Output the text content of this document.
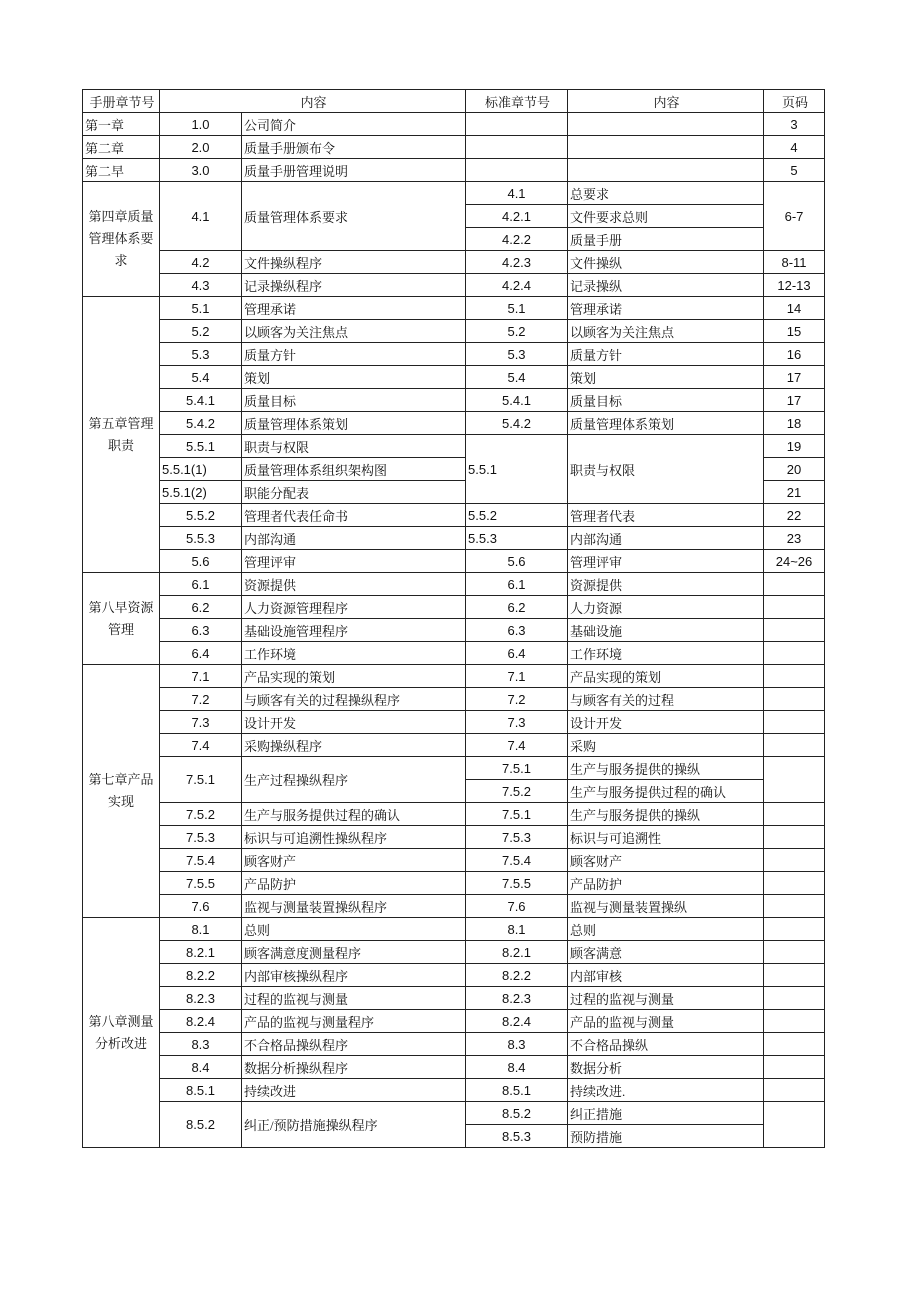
手册章节号	内容		标准章节号	内容	页码
第一章	1.0	公司简介			3
第二章	2.0	质量手册颁布令			4
第二早	3.0	质量手册管理说明			5
第四章质量管理体系要求	4.1	质量管理体系要求	4.1	总要求	6-7
			4.2.1	文件要求总则	
			4.2.2	质量手册	
	4.2	文件操纵程序	4.2.3	文件操纵	8-11
	4.3	记录操纵程序	4.2.4	记录操纵	12-13
第五章管理职责	5.1	管理承诺	5.1	管理承诺	14
	5.2	以顾客为关注焦点	5.2	以顾客为关注焦点	15
	5.3	质量方针	5.3	质量方针	16
	5.4	策划	5.4	策划	17
	5.4.1	质量目标	5.4.1	质量目标	17
	5.4.2	质量管理体系策划	5.4.2	质量管理体系策划	18
	5.5.1	职责与权限	5.5.1	职责与权限	19
	5.5.1(1)	质量管理体系组织架构图			20
	5.5.1(2)	职能分配表			21
	5.5.2	管理者代表任命书	5.5.2	管理者代表	22
	5.5.3	内部沟通	5.5.3	内部沟通	23
	5.6	管理评审	5.6	管理评审	24~26
第八早资源管理	6.1	资源提供	6.1	资源提供	
	6.2	人力资源管理程序	6.2	人力资源	
	6.3	基础设施管理程序	6.3	基础设施	
	6.4	工作环境	6.4	工作环境	
第七章产品实现	7.1	产品实现的策划	7.1	产品实现的策划	
	7.2	与顾客有关的过程操纵程序	7.2	与顾客有关的过程	
	7.3	设计开发	7.3	设计开发	
	7.4	采购操纵程序	7.4	采购	
	7.5.1	生产过程操纵程序	7.5.1	生产与服务提供的操纵	
			7.5.2	生产与服务提供过程的确认	
	7.5.2	生产与服务提供过程的确认	7.5.1	生产与服务提供的操纵	
	7.5.3	标识与可追溯性操纵程序	7.5.3	标识与可追溯性	
	7.5.4	顾客财产	7.5.4	顾客财产	
	7.5.5	产品防护	7.5.5	产品防护	
	7.6	监视与测量装置操纵程序	7.6	监视与测量装置操纵	
第八章测量分析改进	8.1	总则	8.1	总则	
	8.2.1	顾客满意度测量程序	8.2.1	顾客满意	
	8.2.2	内部审核操纵程序	8.2.2	内部审核	
	8.2.3	过程的监视与测量	8.2.3	过程的监视与测量	
	8.2.4	产品的监视与测量程序	8.2.4	产品的监视与测量	
	8.3	不合格品操纵程序	8.3	不合格品操纵	
	8.4	数据分析操纵程序	8.4	数据分析	
	8.5.1	持续改进	8.5.1	持续改进.	
	8.5.2	纠正/预防措施操纵程序	8.5.2	纠正措施	
			8.5.3	预防措施	
